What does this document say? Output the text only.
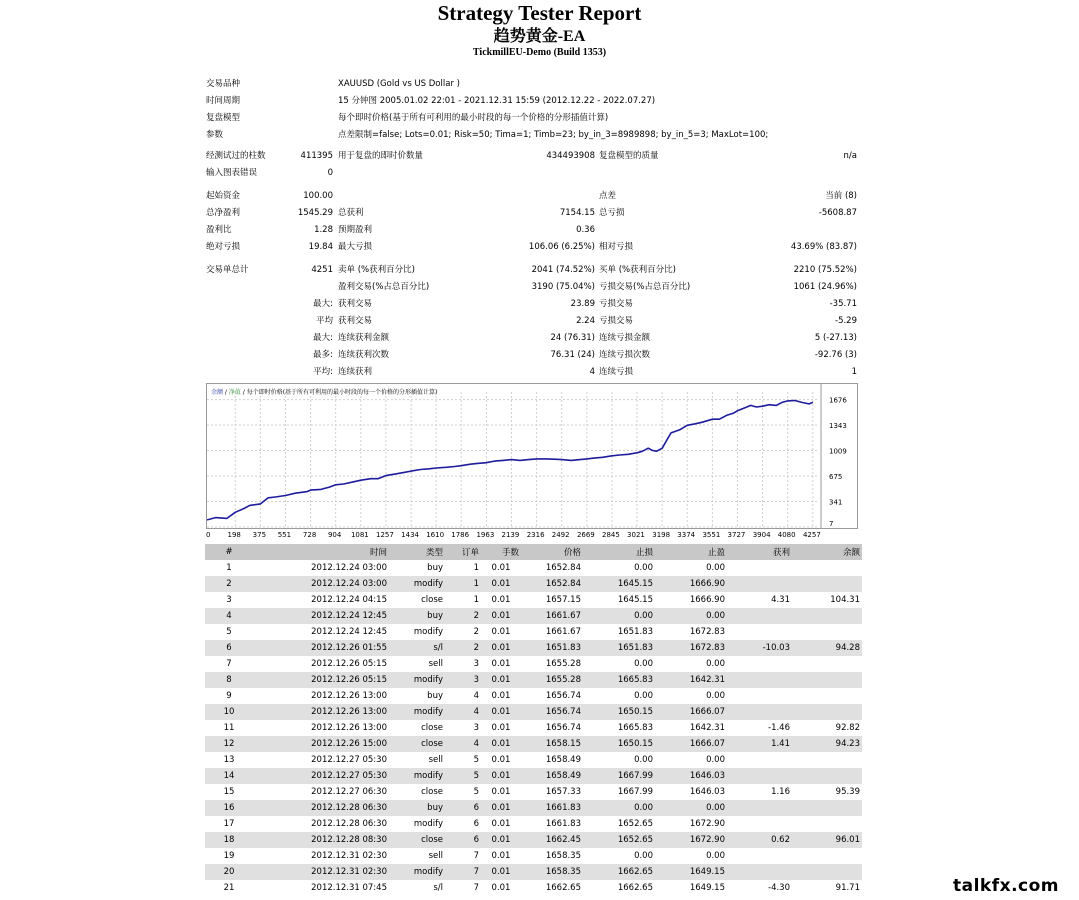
Strategy Tester Report
趋势黄金-EA
TickmillEU-Demo (Build 1353)
交易品种	XAUUSD (Gold vs US Dollar )
时间周期	15 分钟图 2005.01.02 22:01 - 2021.12.31 15:59 (2012.12.22 - 2022.07.27)
复盘模型	每个即时价格(基于所有可利用的最小时段的每一个价格的分形插值计算)
参数	点差限制=false; Lots=0.01; Risk=50; Tima=1; Timb=23; by_in_3=8989898; by_in_5=3; MaxLot=100;
经测试过的柱数	411395 用于复盘的即时价数量	434493908 复盘模型的质量	n/a
输入图表错误	0
起始资金	100.00	点差	当前 (8)
总净盈利	1545.29 总获利	7154.15 总亏损	-5608.87
盈利比	1.28 预期盈利	0.36
绝对亏损	19.84 最大亏损	106.06 (6.25%) 相对亏损	43.69% (83.87)
交易单总计	4251 卖单 (%获利百分比)	2041 (74.52%) 买单 (%获利百分比)	2210 (75.52%)
盈利交易(%占总百分比)	3190 (75.04%) 亏损交易(%占总百分比)	1061 (24.96%)
最大: 获利交易	23.89 亏损交易	-35.71
平均 获利交易	2.24 亏损交易	-5.29
最大: 连续获利金额	24 (76.31) 连续亏损金额	5 (-27.13)
最多: 连续获利次数	76.31 (24) 连续亏损次数	-92.76 (3)
平均: 连续获利	4 连续亏损	1
1676
1343
1009
675
341
7
余额 / 净值 / 每个即时价格(基于所有可利用的最小时段的每一个价格的分形插值计算)
0 198 375 551 728 904 1081 1257 1434 1610 1786 1963 2139 2316 2492 2669 2845 3021 3198 3374 3551 3727 3904 4080 4257
#	时间	类型	订单	手数	价格	止损	止盈	获利	余额
1	2012.12.24 03:00	buy	1	0.01	1652.84	0.00	0.00		
2	2012.12.24 03:00	modify	1	0.01	1652.84	1645.15	1666.90		
3	2012.12.24 04:15	close	1	0.01	1657.15	1645.15	1666.90	4.31	104.31
4	2012.12.24 12:45	buy	2	0.01	1661.67	0.00	0.00		
5	2012.12.24 12:45	modify	2	0.01	1661.67	1651.83	1672.83		
6	2012.12.26 01:55	s/l	2	0.01	1651.83	1651.83	1672.83	-10.03	94.28
7	2012.12.26 05:15	sell	3	0.01	1655.28	0.00	0.00		
8	2012.12.26 05:15	modify	3	0.01	1655.28	1665.83	1642.31		
9	2012.12.26 13:00	buy	4	0.01	1656.74	0.00	0.00		
10	2012.12.26 13:00	modify	4	0.01	1656.74	1650.15	1666.07		
11	2012.12.26 13:00	close	3	0.01	1656.74	1665.83	1642.31	-1.46	92.82
12	2012.12.26 15:00	close	4	0.01	1658.15	1650.15	1666.07	1.41	94.23
13	2012.12.27 05:30	sell	5	0.01	1658.49	0.00	0.00		
14	2012.12.27 05:30	modify	5	0.01	1658.49	1667.99	1646.03		
15	2012.12.27 06:30	close	5	0.01	1657.33	1667.99	1646.03	1.16	95.39
16	2012.12.28 06:30	buy	6	0.01	1661.83	0.00	0.00		
17	2012.12.28 06:30	modify	6	0.01	1661.83	1652.65	1672.90		
18	2012.12.28 08:30	close	6	0.01	1662.45	1652.65	1672.90	0.62	96.01
19	2012.12.31 02:30	sell	7	0.01	1658.35	0.00	0.00		
20	2012.12.31 02:30	modify	7	0.01	1658.35	1662.65	1649.15		
21	2012.12.31 07:45	s/l	7	0.01	1662.65	1662.65	1649.15	-4.30	91.71	talkfx.com
